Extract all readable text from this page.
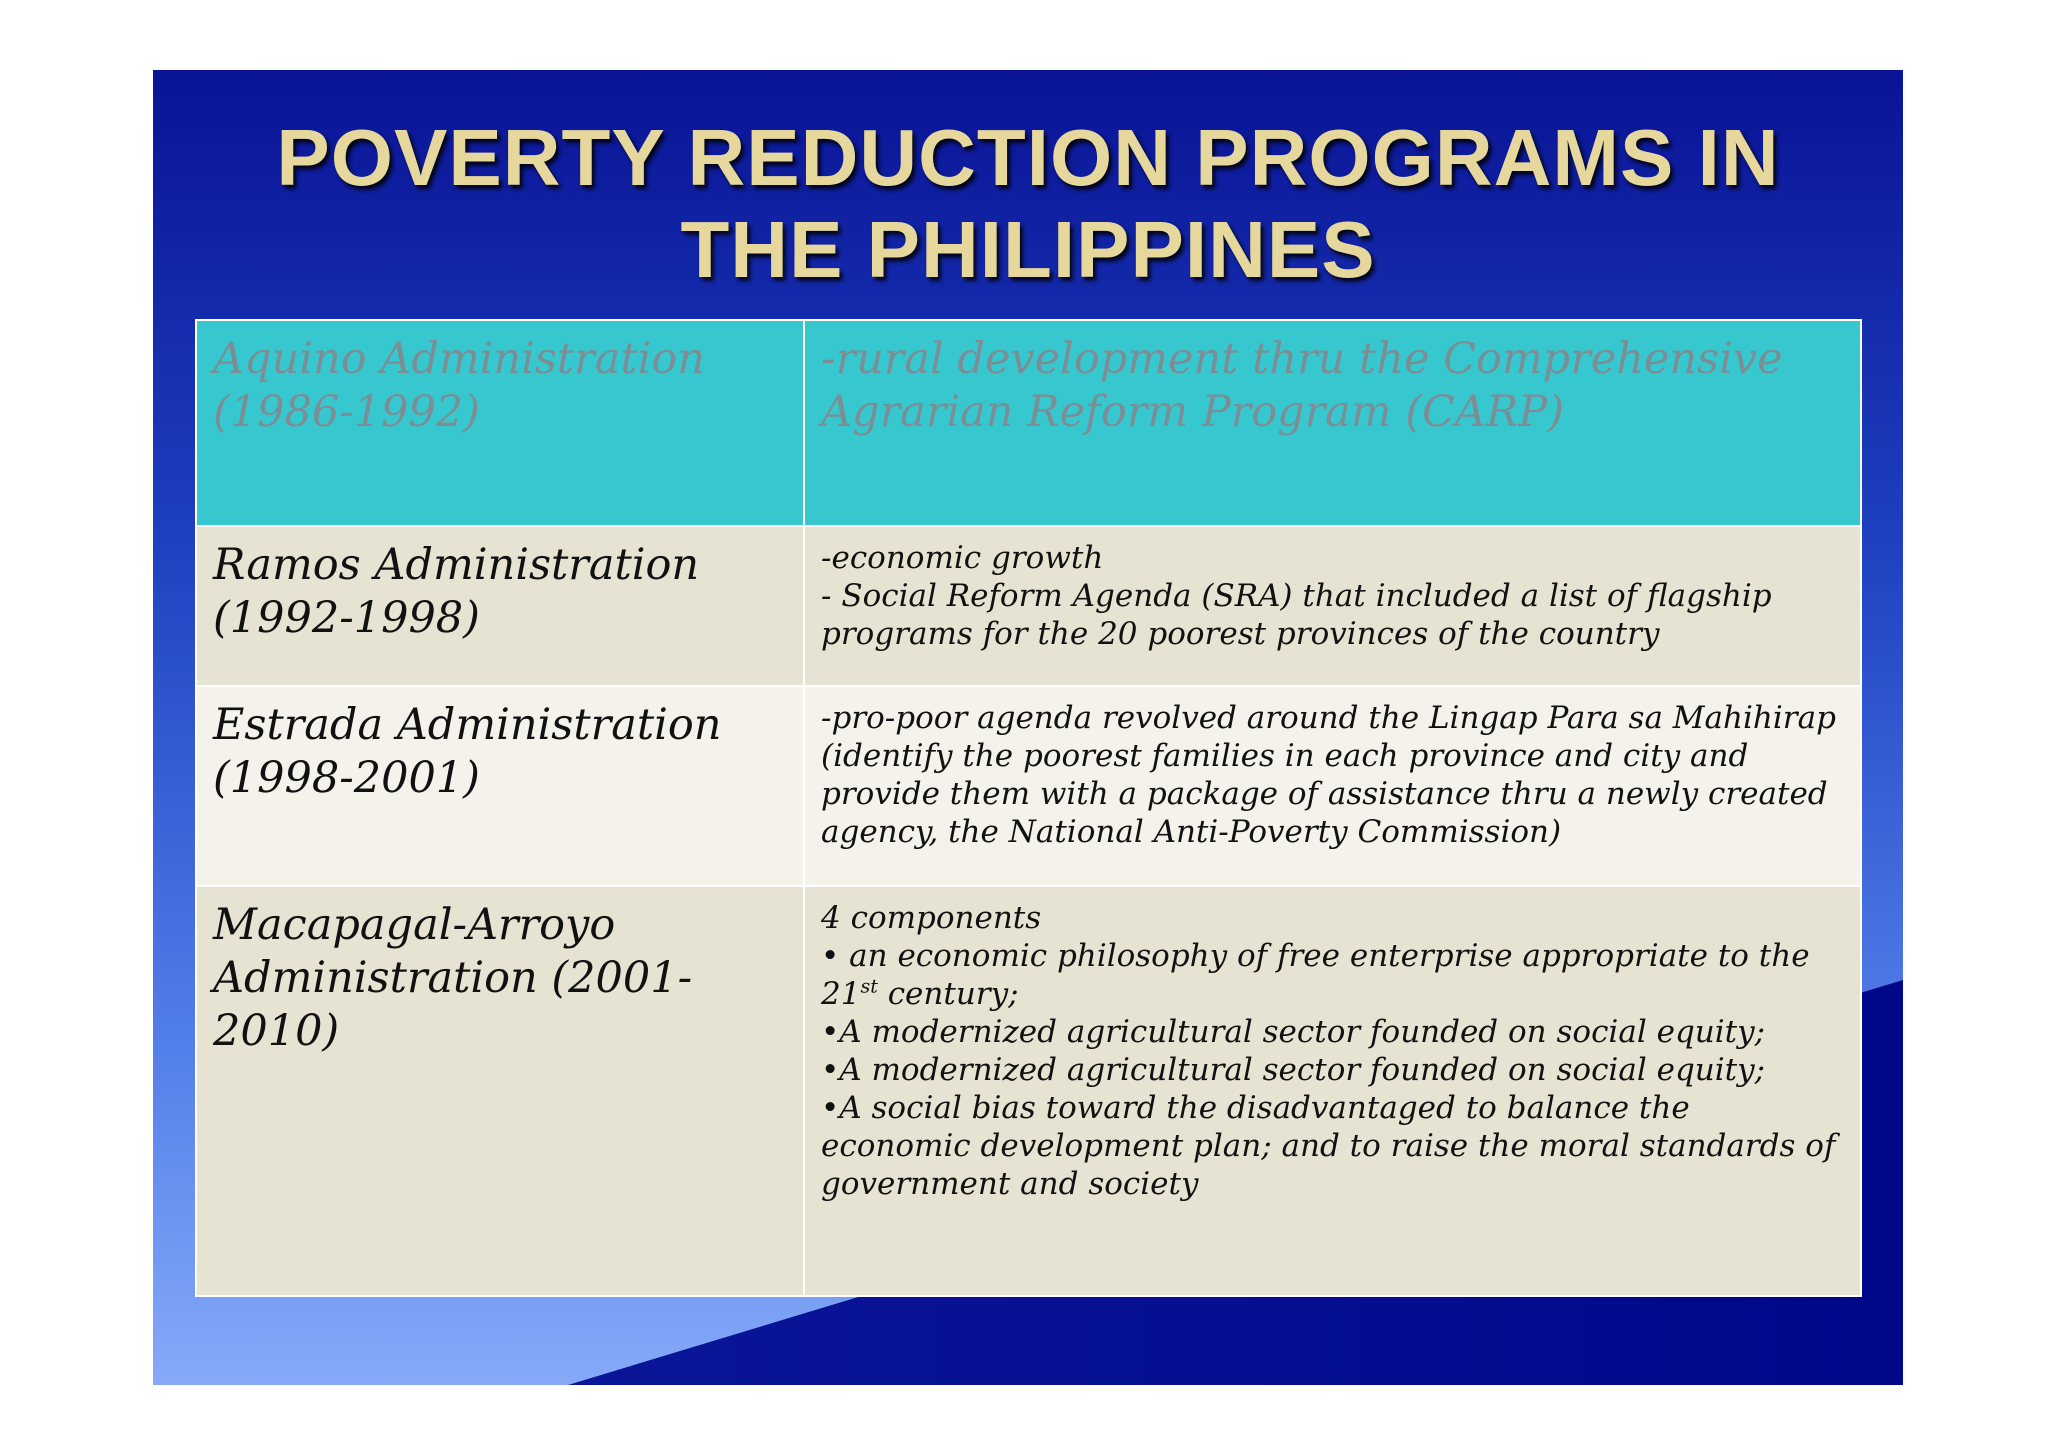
POVERTY REDUCTION PROGRAMS IN
THE PHILIPPINES
Aquino Administration (1986-1992)	-rural development thru the Comprehensive Agrarian Reform Program (CARP)

Ramos Administration (1992-1998)	-economic growth
- Social Reform Agenda (SRA) that included a list of flagship programs for the 20 poorest provinces of the country

Estrada Administration (1998-2001)	-pro-poor agenda revolved around the Lingap Para sa Mahihirap (identify the poorest families in each province and city and provide them with a package of assistance thru a newly created agency, the National Anti-Poverty Commission)

Macapagal-Arroyo Administration (2001-2010)	4 components
• an economic philosophy of free enterprise appropriate to the 21st century;
•A modernized agricultural sector founded on social equity;
•A modernized agricultural sector founded on social equity;
•A social bias toward the disadvantaged to balance the economic development plan; and to raise the moral standards of government and society
